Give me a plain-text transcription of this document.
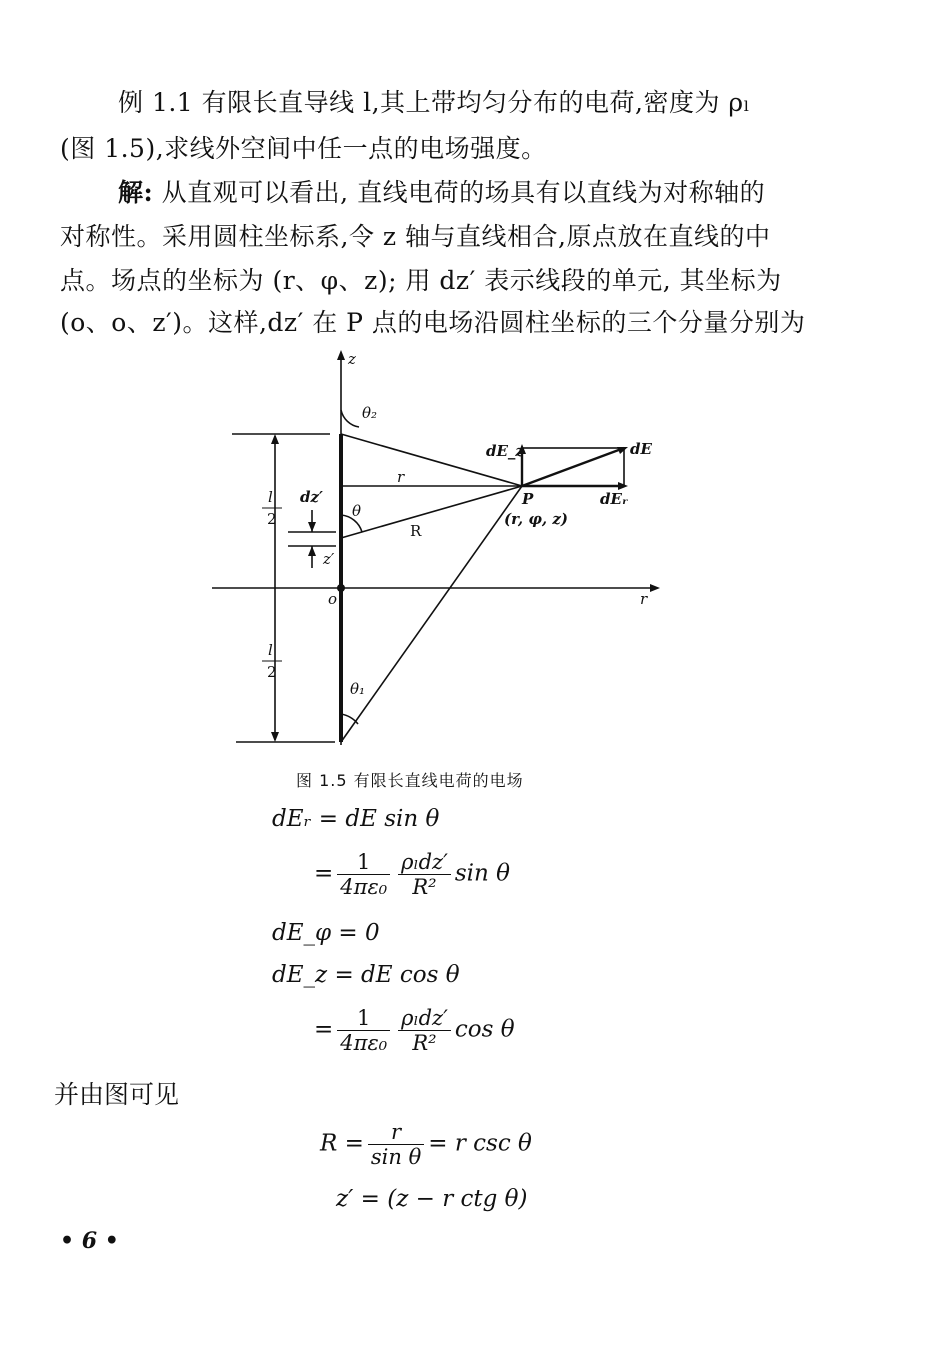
例 1.1 有限长直导线 l,其上带均匀分布的电荷,密度为 ρₗ
(图 1.5),求线外空间中任一点的电场强度。
解: 从直观可以看出, 直线电荷的场具有以直线为对称轴的
对称性。采用圆柱坐标系,令 z 轴与直线相合,原点放在直线的中
点。场点的坐标为 (r、φ、z); 用 dz′ 表示线段的单元, 其坐标为
(o、o、z′)。这样,dz′ 在 P 点的电场沿圆柱坐标的三个分量分别为
z
θ₂
dE_z	dE
r
l
2
dz′
θ
R
P
(r, φ, z)
dEᵣ
z′
o	r
l
2
θ₁
图 1.5 有限长直线电荷的电场
dEᵣ = dE sin θ
= $\frac{1}{\text{4πε₀}} \frac{\text{ρₗdz′}}{\text{R²}}$ sin θ
dE_φ = 0
dE_z = dE cos θ
= $\frac{1}{\text{4πε₀}} \frac{\text{ρₗdz′}}{\text{R²}}$ cos θ
并由图可见
$R = \frac{r}{\text{sin θ}} = r$ csc θ
z′ = (z − r ctg θ)
• 6 •
